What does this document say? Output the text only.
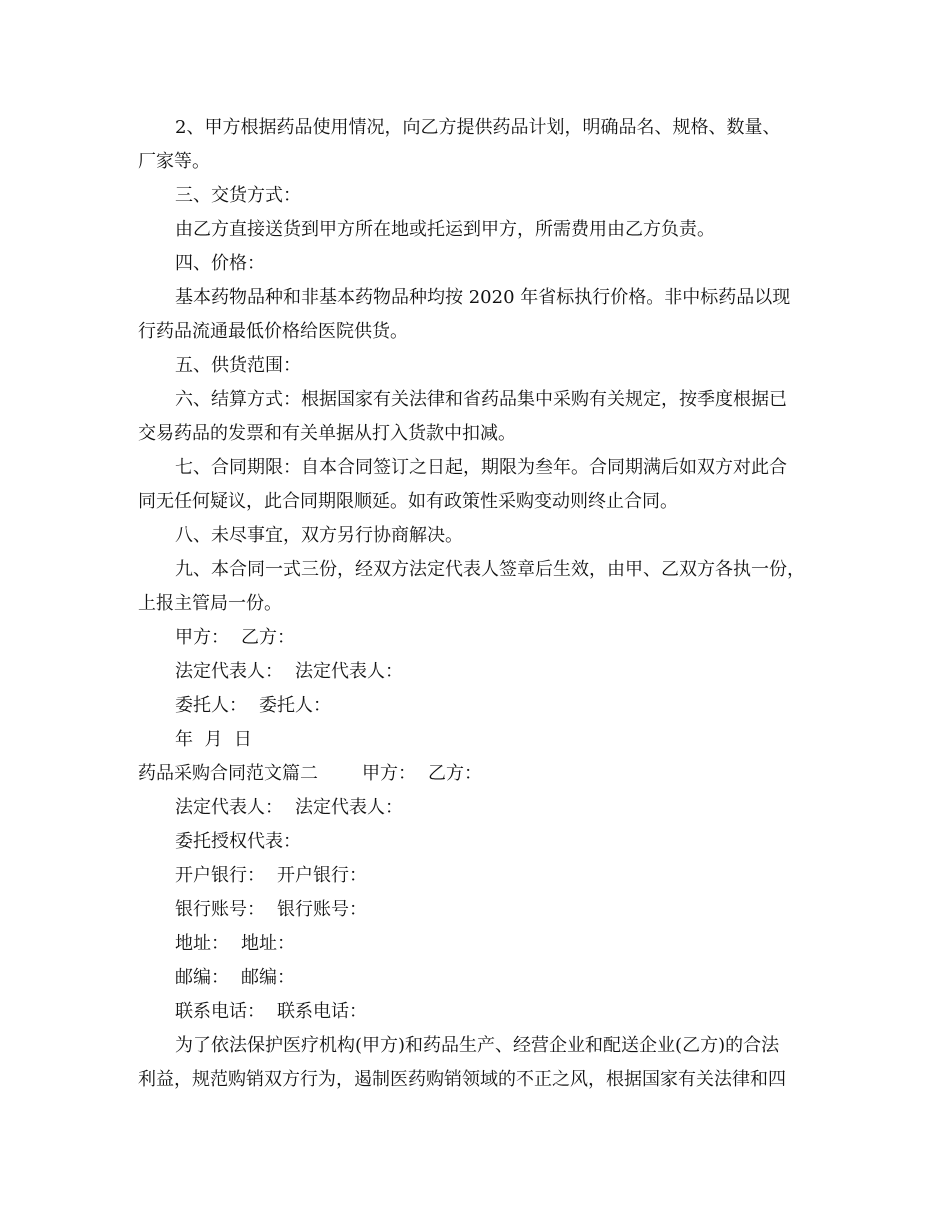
2、甲方根据药品使用情况，向乙方提供药品计划，明确品名、规格、数量、
厂家等。
三、交货方式：
由乙方直接送货到甲方所在地或托运到甲方，所需费用由乙方负责。
四、价格：
基本药物品种和非基本药物品种均按 2020 年省标执行价格。非中标药品以现
行药品流通最低价格给医院供货。
五、供货范围：
六、结算方式：根据国家有关法律和省药品集中采购有关规定，按季度根据已
交易药品的发票和有关单据从打入货款中扣减。
七、合同期限：自本合同签订之日起，期限为叁年。合同期满后如双方对此合
同无任何疑议，此合同期限顺延。如有政策性采购变动则终止合同。
八、未尽事宜，双方另行协商解决。
九、本合同一式三份，经双方法定代表人签章后生效，由甲、乙双方各执一份，
上报主管局一份。
甲方： 乙方：
法定代表人： 法定代表人：
委托人： 委托人：
年  月  日
药品采购合同范文篇二 甲方： 乙方：
法定代表人： 法定代表人：
委托授权代表：
开户银行： 开户银行：
银行账号： 银行账号：
地址： 地址：
邮编： 邮编：
联系电话： 联系电话：
为了依法保护医疗机构(甲方)和药品生产、经营企业和配送企业(乙方)的合法
利益，规范购销双方行为，遏制医药购销领域的不正之风，根据国家有关法律和四
